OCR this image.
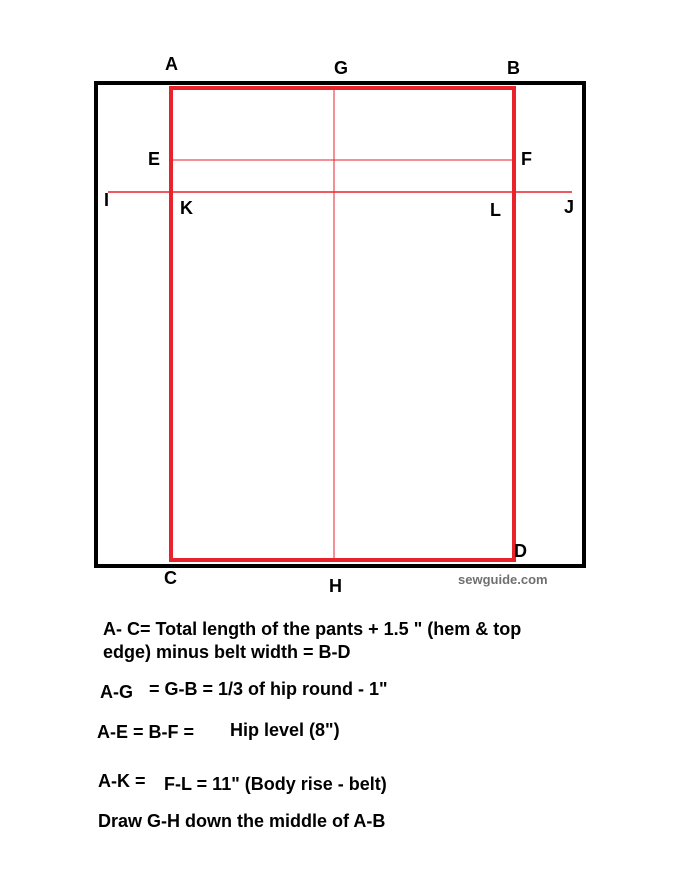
A	G	B
E	F
I	K	L	J
D
C	H	sewguide.com
A- C= Total length of the pants + 1.5 " (hem & top
edge) minus belt width = B-D
A-G = G-B = 1/3 of hip round - 1"
A-E = B-F = Hip level (8")
A-K = F-L = 11" (Body rise - belt)
Draw G-H down the middle of A-B
